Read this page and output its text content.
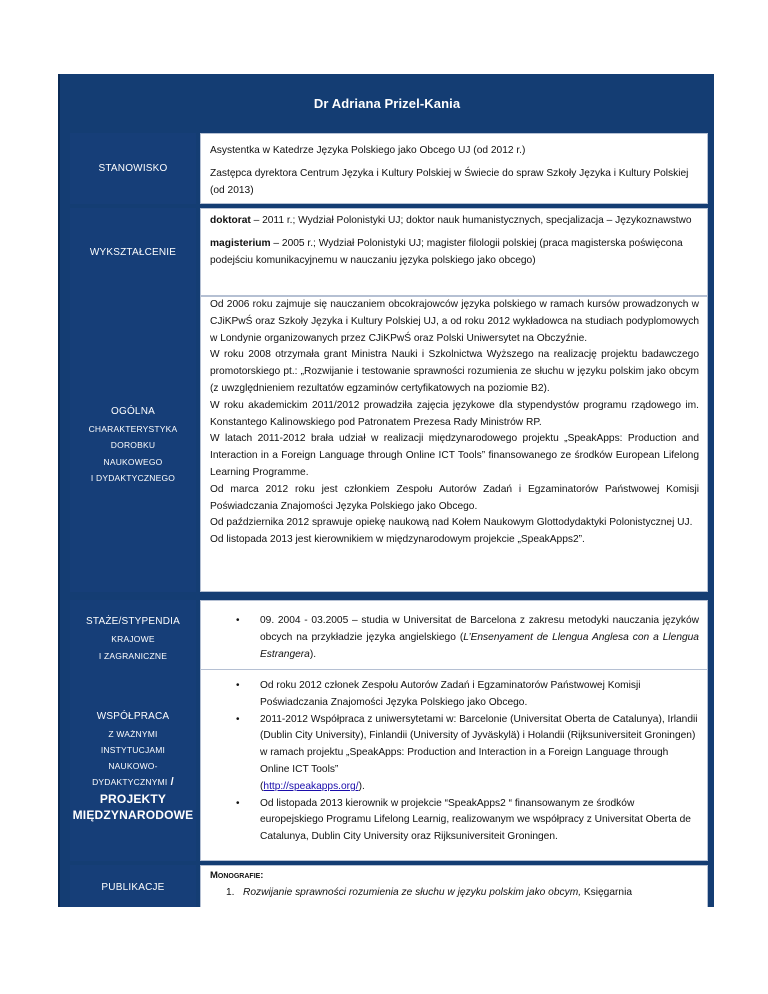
Dr Adriana Prizel-Kania
STANOWISKO

Asystentka w Katedrze Języka Polskiego jako Obcego UJ (od 2012 r.)

Zastępca dyrektora Centrum Języka i Kultury Polskiej w Świecie do spraw Szkoły Języka i Kultury Polskiej (od 2013)

WYKSZTAŁCENIE

doktorat – 2011 r.; Wydział Polonistyki UJ; doktor nauk humanistycznych, specjalizacja – Językoznawstwo

magisterium – 2005 r.; Wydział Polonistyki UJ; magister filologii polskiej (praca magisterska poświęcona podejściu komunikacyjnemu w nauczaniu języka polskiego jako obcego)

OGÓLNA
CHARAKTERYSTYKA
DOROBKU
NAUKOWEGO
I DYDAKTYCZNEGO

Od 2006 roku zajmuje się nauczaniem obcokrajowców języka polskiego w ramach kursów prowadzonych w CJiKPwŚ oraz Szkoły Języka i Kultury Polskiej UJ, a od roku 2012 wykładowca na studiach podyplomowych w Londynie organizowanych przez CJiKPwŚ oraz Polski Uniwersytet na Obczyźnie.

W roku 2008 otrzymała grant Ministra Nauki i Szkolnictwa Wyższego na realizację projektu badawczego promotorskiego pt.: „Rozwijanie i testowanie sprawności rozumienia ze słuchu w języku polskim jako obcym (z uwzględnieniem rezultatów egzaminów certyfikatowych na poziomie B2).

W roku akademickim 2011/2012 prowadziła zajęcia językowe dla stypendystów programu rządowego im. Konstantego Kalinowskiego pod Patronatem Prezesa Rady Ministrów RP.

W latach 2011-2012 brała udział w realizacji międzynarodowego projektu „SpeakApps: Production and Interaction in a Foreign Language through Online ICT Tools” finansowanego ze środków European Lifelong Learning Programme.

Od marca 2012 roku jest członkiem Zespołu Autorów Zadań i Egzaminatorów Państwowej Komisji Poświadczania Znajomości Języka Polskiego jako Obcego.

Od października 2012 sprawuje opiekę naukową nad Kołem Naukowym Glottodydaktyki Polonistycznej UJ.

Od listopada 2013 jest kierownikiem w międzynarodowym projekcie „SpeakApps2”.

STAŻE/STYPENDIA
KRAJOWE
I ZAGRANICZNE
• 09. 2004 - 03.2005 – studia w Universitat de Barcelona z zakresu metodyki nauczania języków obcych na przykładzie języka angielskiego (L’Ensenyament de Llengua Anglesa con a Llengua Estrangera).
WSPÓŁPRACA
Z WAŻNYMI
INSTYTUCJAMI
NAUKOWO-
DYDAKTYCZNYMI /
PROJEKTY
MIĘDZYNARODOWE
• Od roku 2012 członek Zespołu Autorów Zadań i Egzaminatorów Państwowej Komisji Poświadczania Znajomości Języka Polskiego jako Obcego.
• 2011-2012 Współpraca z uniwersytetami w: Barcelonie (Universitat Oberta de Catalunya), Irlandii (Dublin City University), Finlandii (University of Jyväskylä) i Holandii (Rijksuniversiteit Groningen) w ramach projektu „SpeakApps: Production and Interaction in a Foreign Language through Online ICT Tools”
(http://speakapps.org/).
• Od listopada 2013 kierownik w projekcie “SpeakApps2 “ finansowanym ze środków europejskiego Programu Lifelong Learnig, realizowanym we współpracy z Universitat Oberta de Catalunya, Dublin City University oraz Rijksuniversiteit Groningen.
PUBLIKACJE

Monografie:

1. Rozwijanie sprawności rozumienia ze słuchu w języku polskim jako obcym, Księgarnia
